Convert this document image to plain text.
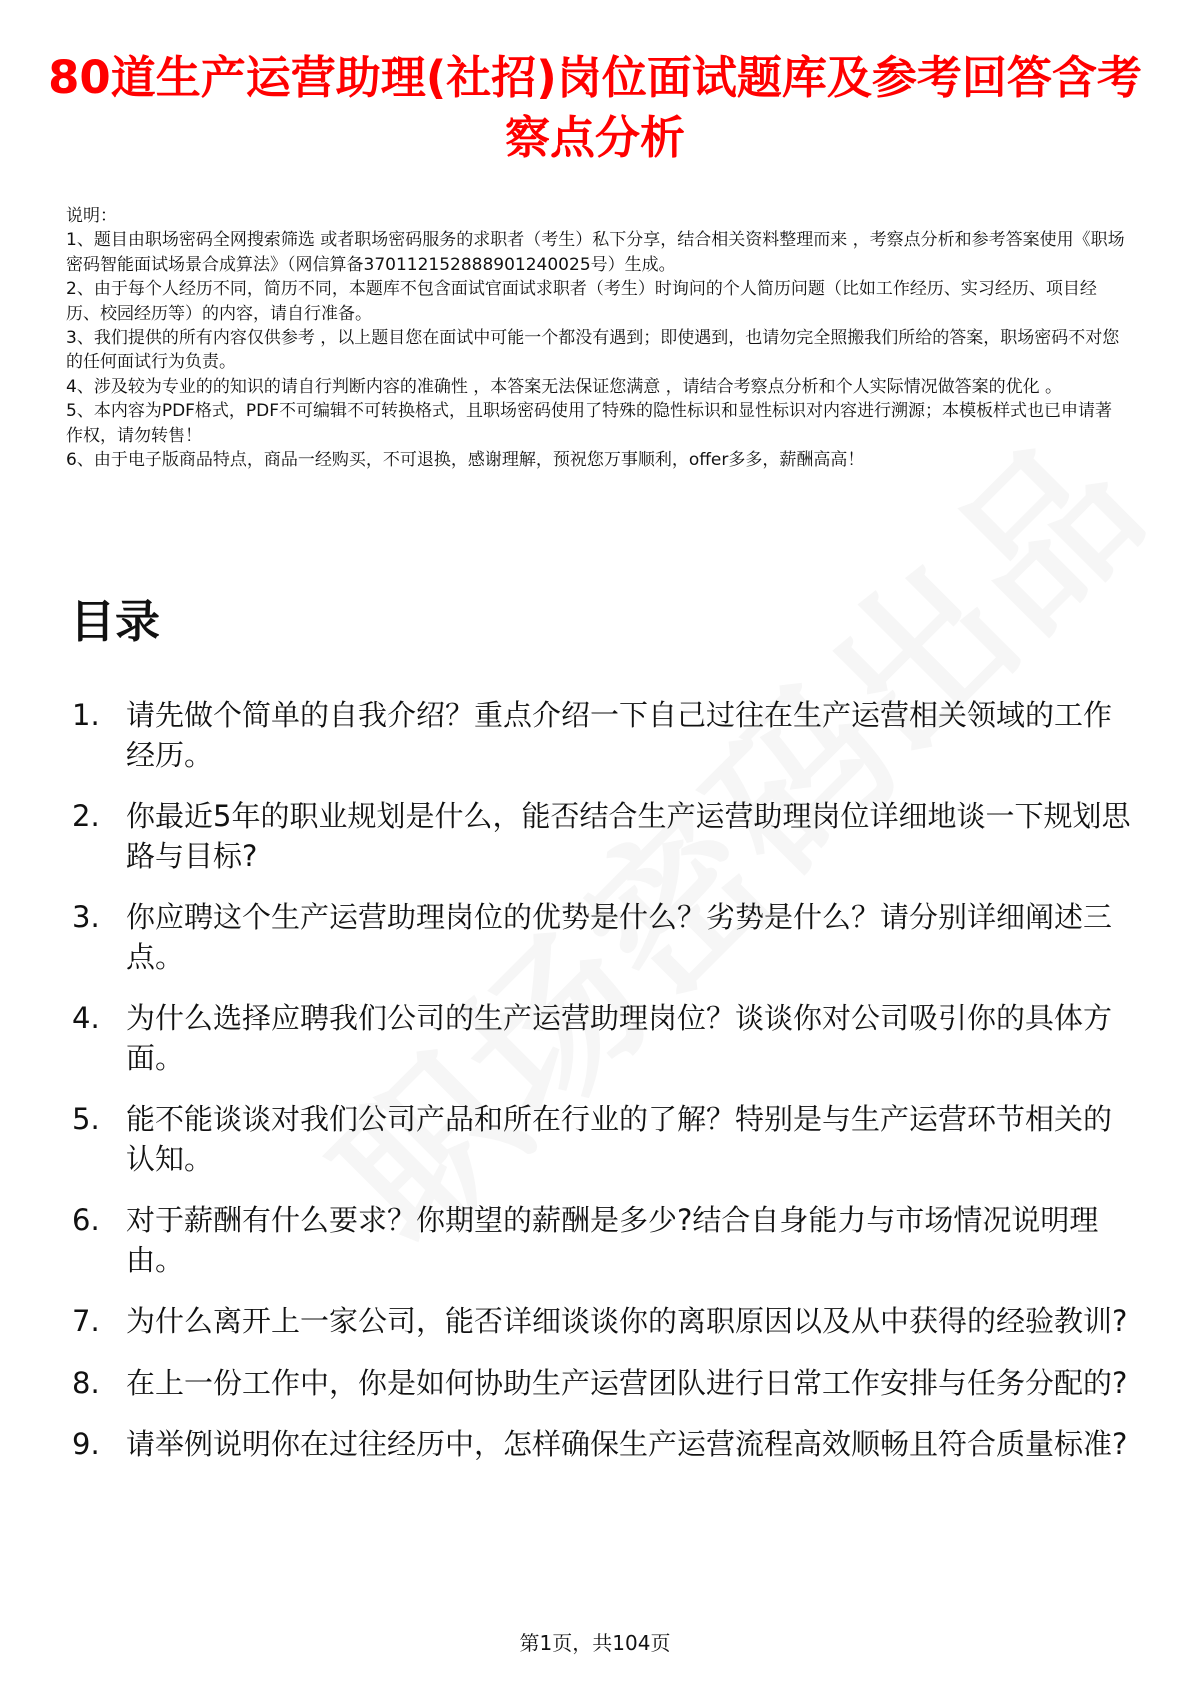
80道生产运营助理(社招)岗位面试题库及参考回答含考察点分析
说明：
1、题目由职场密码全网搜索筛选 或者职场密码服务的求职者（考生）私下分享，结合相关资料整理而来 ，考察点分析和参考答案使用《职场密码智能面试场景合成算法》（网信算备370112152888901240025号）生成。
2、由于每个人经历不同，简历不同，本题库不包含面试官面试求职者（考生）时询问的个人简历问题（比如工作经历、实习经历、项目经历、校园经历等）的内容，请自行准备。
3、我们提供的所有内容仅供参考 ，以上题目您在面试中可能一个都没有遇到；即使遇到，也请勿完全照搬我们所给的答案，职场密码不对您的任何面试行为负责。
4、涉及较为专业的的知识的请自行判断内容的准确性 ，本答案无法保证您满意 ，请结合考察点分析和个人实际情况做答案的优化 。
5、本内容为PDF格式，PDF不可编辑不可转换格式，且职场密码使用了特殊的隐性标识和显性标识对内容进行溯源；本模板样式也已申请著作权，请勿转售！
6、由于电子版商品特点，商品一经购买，不可退换，感谢理解，预祝您万事顺利，offer多多，薪酬高高！
目录
1. 请先做个简单的自我介绍？重点介绍一下自己过往在生产运营相关领域的工作经历。
2. 你最近5年的职业规划是什么，能否结合生产运营助理岗位详细地谈一下规划思路与目标?
3. 你应聘这个生产运营助理岗位的优势是什么？劣势是什么？请分别详细阐述三点。
4. 为什么选择应聘我们公司的生产运营助理岗位？谈谈你对公司吸引你的具体方面。
5. 能不能谈谈对我们公司产品和所在行业的了解？特别是与生产运营环节相关的认知。
6. 对于薪酬有什么要求？你期望的薪酬是多少?结合自身能力与市场情况说明理由。
7. 为什么离开上一家公司，能否详细谈谈你的离职原因以及从中获得的经验教训?
8. 在上一份工作中，你是如何协助生产运营团队进行日常工作安排与任务分配的?
9. 请举例说明你在过往经历中，怎样确保生产运营流程高效顺畅且符合质量标准?
第1页，共104页
